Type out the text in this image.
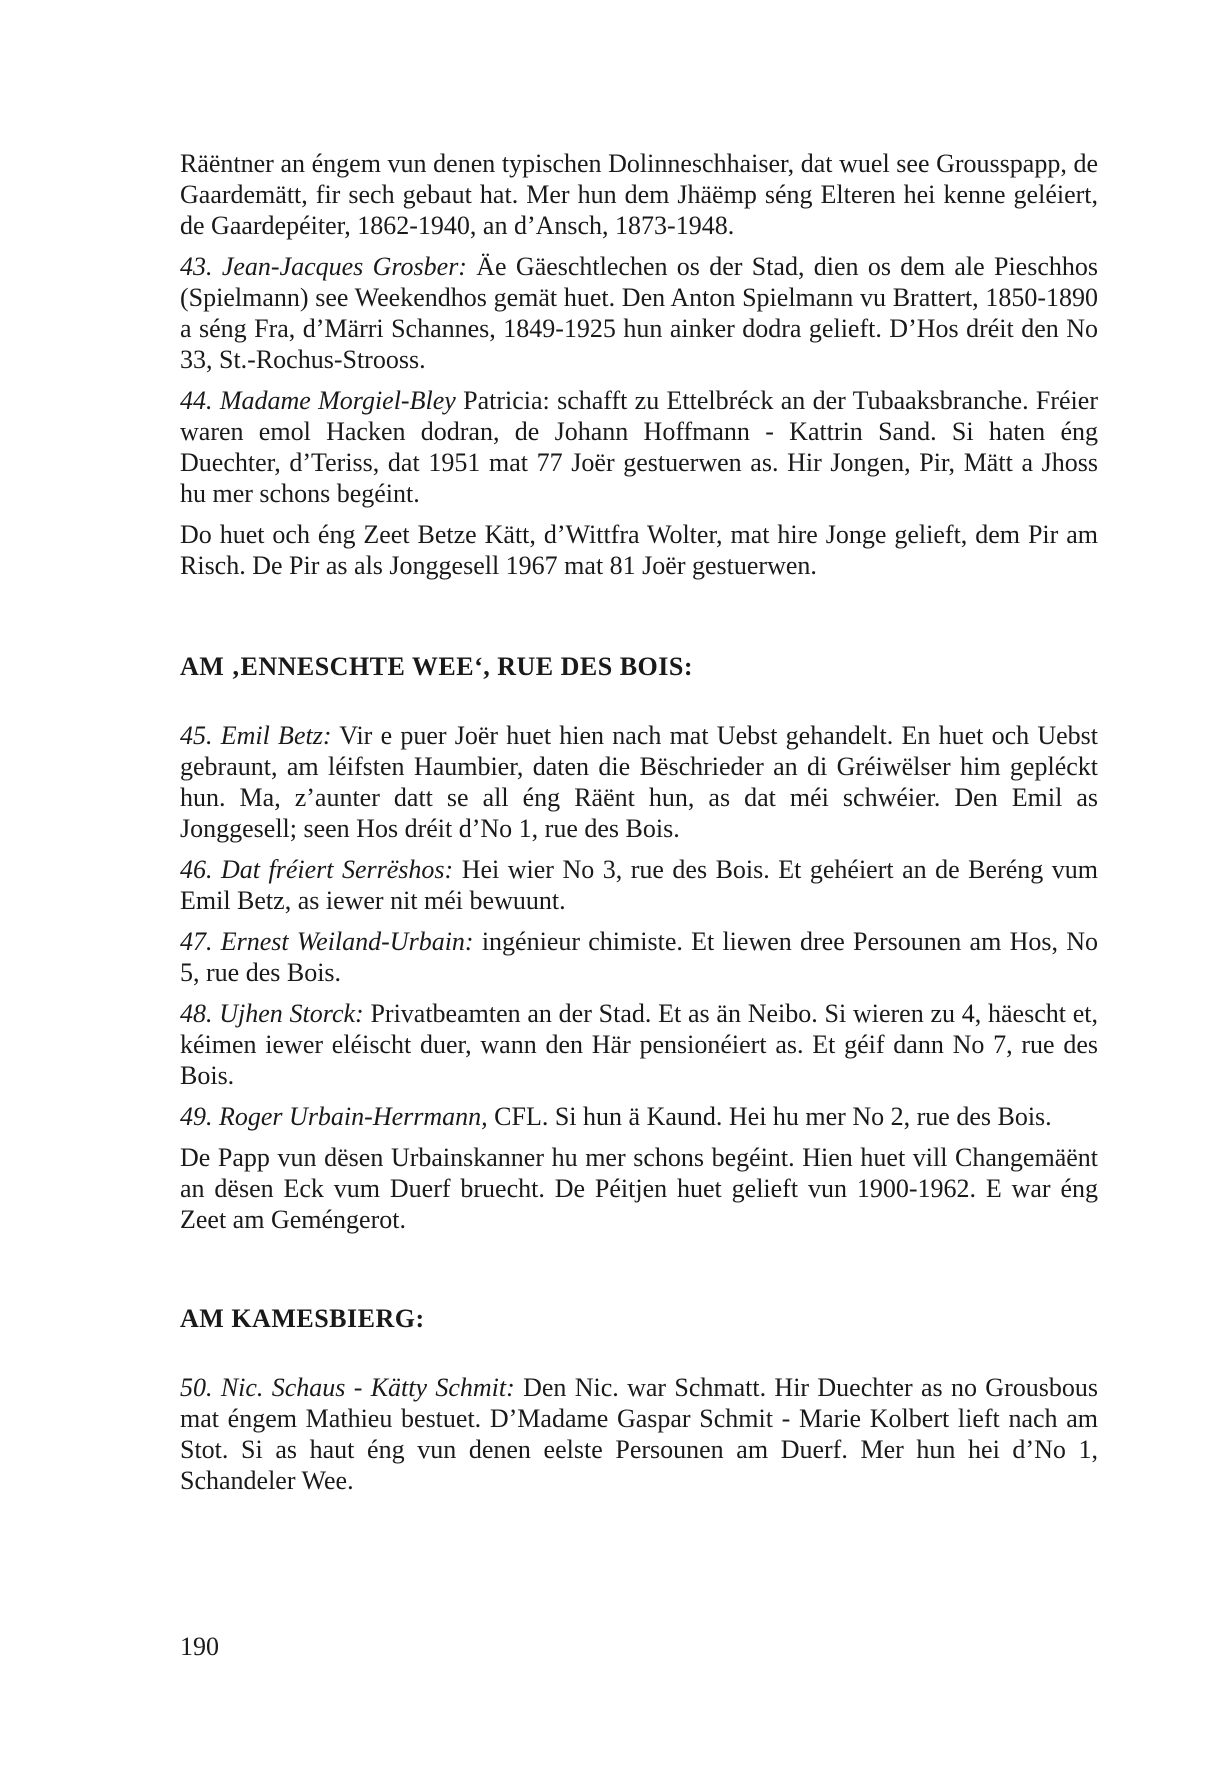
Räëntner an éngem vun denen typischen Dolinneschhaiser, dat wuel see Grousspapp, de Gaardemätt, fir sech gebaut hat. Mer hun dem Jhäëmp séng Elteren hei kenne geléiert, de Gaardepéiter, 1862-1940, an d’Ansch, 1873-1948.

43. Jean-Jacques Grosber: Äe Gäeschtlechen os der Stad, dien os dem ale Pieschhos (Spielmann) see Weekendhos gemät huet. Den Anton Spielmann vu Brattert, 1850-1890 a séng Fra, d’Märri Schannes, 1849-1925 hun ainker dodra gelieft. D’Hos dréit den No 33, St.-Rochus-Strooss.

44. Madame Morgiel-Bley Patricia: schafft zu Ettelbréck an der Tubaaksbranche. Fréier waren emol Hacken dodran, de Johann Hoffmann - Kattrin Sand. Si haten éng Duechter, d’Teriss, dat 1951 mat 77 Joër gestuerwen as. Hir Jongen, Pir, Mätt a Jhoss hu mer schons begéint.

Do huet och éng Zeet Betze Kätt, d’Wittfra Wolter, mat hire Jonge gelieft, dem Pir am Risch. De Pir as als Jonggesell 1967 mat 81 Joër gestuerwen.

AM ‚ENNESCHTE WEE‘, RUE DES BOIS:

45. Emil Betz: Vir e puer Joër huet hien nach mat Uebst gehandelt. En huet och Uebst gebraunt, am léifsten Haumbier, daten die Bëschrieder an di Gréiwëlser him gepléckt hun. Ma, z’aunter datt se all éng Räënt hun, as dat méi schwéier. Den Emil as Jonggesell; seen Hos dréit d’No 1, rue des Bois.

46. Dat fréiert Serrëshos: Hei wier No 3, rue des Bois. Et gehéiert an de Beréng vum Emil Betz, as iewer nit méi bewuunt.

47. Ernest Weiland-Urbain: ingénieur chimiste. Et liewen dree Persounen am Hos, No 5, rue des Bois.

48. Ujhen Storck: Privatbeamten an der Stad. Et as än Neibo. Si wieren zu 4, häescht et, kéimen iewer eléischt duer, wann den Här pensionéiert as. Et géif dann No 7, rue des Bois.

49. Roger Urbain-Herrmann, CFL. Si hun ä Kaund. Hei hu mer No 2, rue des Bois.

De Papp vun dësen Urbainskanner hu mer schons begéint. Hien huet vill Changemäënt an dësen Eck vum Duerf bruecht. De Péitjen huet gelieft vun 1900-1962. E war éng Zeet am Geméngerot.

AM KAMESBIERG:

50. Nic. Schaus - Kätty Schmit: Den Nic. war Schmatt. Hir Duechter as no Grousbous mat éngem Mathieu bestuet. D’Madame Gaspar Schmit - Marie Kolbert lieft nach am Stot. Si as haut éng vun denen eelste Persounen am Duerf. Mer hun hei d’No 1, Schandeler Wee.

190
